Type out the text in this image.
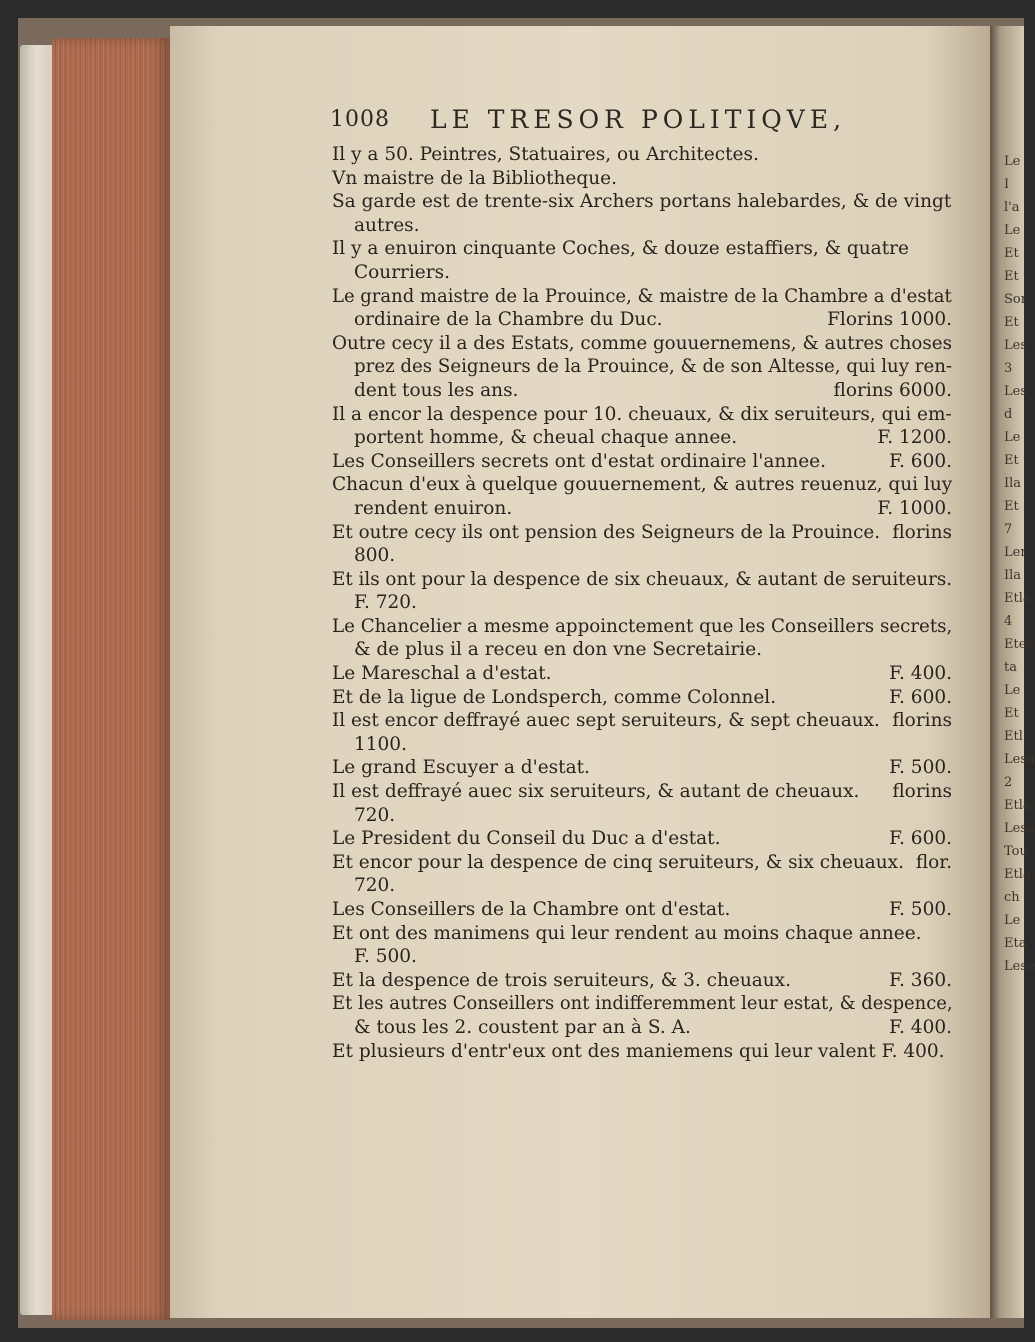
Le
I
l'a
Le
Et
Et
Sor
Et
Les
3
Les
d
Le
Et
Ila
Et
7
Ler
Ila
Etla
4
Etes
ta
Le
Et
Etl
Lesa
2
Etla
Lesa
Tou
Etla
ch
Le
Eta
Lese
1008 LE TRESOR POLITIQVE,
Il y a 50. Peintres, Statuaires, ou Architectes.
Vn maistre de la Bibliotheque.
Sa garde est de trente-six Archers portans halebardes, & de vingt
autres.
Il y a enuiron cinquante Coches, & douze estaffiers, & quatre
Courriers.
Le grand maistre de la Prouince, & maistre de la Chambre a d'estat
ordinaire de la Chambre du Duc.	Florins 1000.
Outre cecy il a des Estats, comme gouuernemens, & autres choses
prez des Seigneurs de la Prouince, & de son Altesse, qui luy ren-
dent tous les ans.	florins 6000.
Il a encor la despence pour 10. cheuaux, & dix seruiteurs, qui em-
portent homme, & cheual chaque annee.	F. 1200.
Les Conseillers secrets ont d'estat ordinaire l'annee.	F. 600.
Chacun d'eux à quelque gouuernement, & autres reuenuz, qui luy
rendent enuiron.	F. 1000.
Et outre cecy ils ont pension des Seigneurs de la Prouince. florins
800.
Et ils ont pour la despence de six cheuaux, & autant de seruiteurs.
F. 720.
Le Chancelier a mesme appoinctement que les Conseillers secrets,
& de plus il a receu en don vne Secretairie.
Le Mareschal a d'estat.	F. 400.
Et de la ligue de Londsperch, comme Colonnel.	F. 600.
Il est encor deffrayé auec sept seruiteurs, & sept cheuaux. florins
1100.
Le grand Escuyer a d'estat.	F. 500.
Il est deffrayé auec six seruiteurs, & autant de cheuaux. florins
720.
Le President du Conseil du Duc a d'estat.	F. 600.
Et encor pour la despence de cinq seruiteurs, & six cheuaux. flor.
720.
Les Conseillers de la Chambre ont d'estat.	F. 500.
Et ont des manimens qui leur rendent au moins chaque annee.
F. 500.
Et la despence de trois seruiteurs, & 3. cheuaux.	F. 360.
Et les autres Conseillers ont indifferemment leur estat, & despence,
& tous les 2. coustent par an à S. A.	F. 400.
Et plusieurs d'entr'eux ont des maniemens qui leur valent F. 400.
